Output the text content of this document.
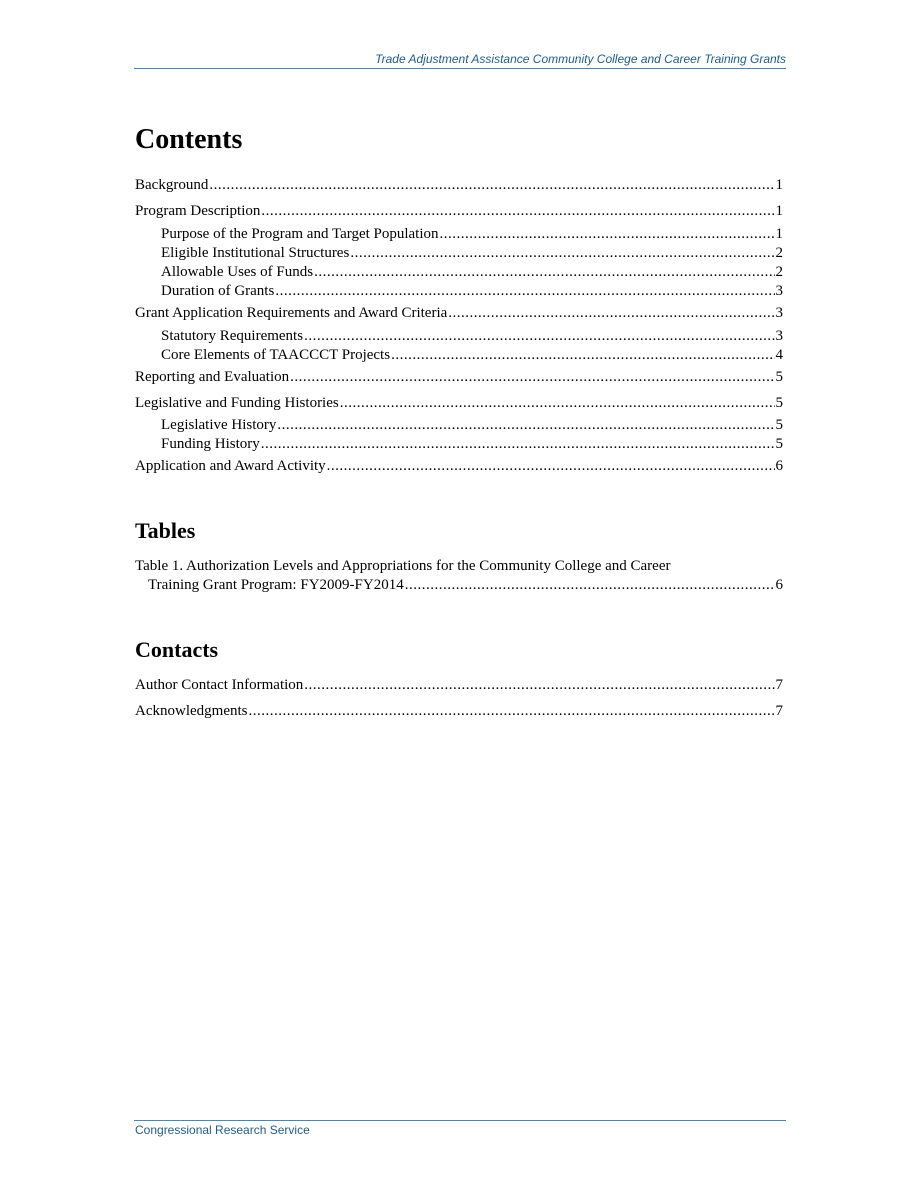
Trade Adjustment Assistance Community College and Career Training Grants
Contents
Background .....	1
Program Description .....	1
Purpose of the Program and Target Population .....	1
Eligible Institutional Structures .....	2
Allowable Uses of Funds .....	2
Duration of Grants .....	3
Grant Application Requirements and Award Criteria .....	3
Statutory Requirements .....	3
Core Elements of TAACCCT Projects .....	4
Reporting and Evaluation .....	5
Legislative and Funding Histories .....	5
Legislative History .....	5
Funding History .....	5
Application and Award Activity .....	6
Tables
Table 1. Authorization Levels and Appropriations for the Community College and Career
Training Grant Program: FY2009-FY2014 .....	6
Contacts
Author Contact Information .....	7
Acknowledgments .....	7
Congressional Research Service
